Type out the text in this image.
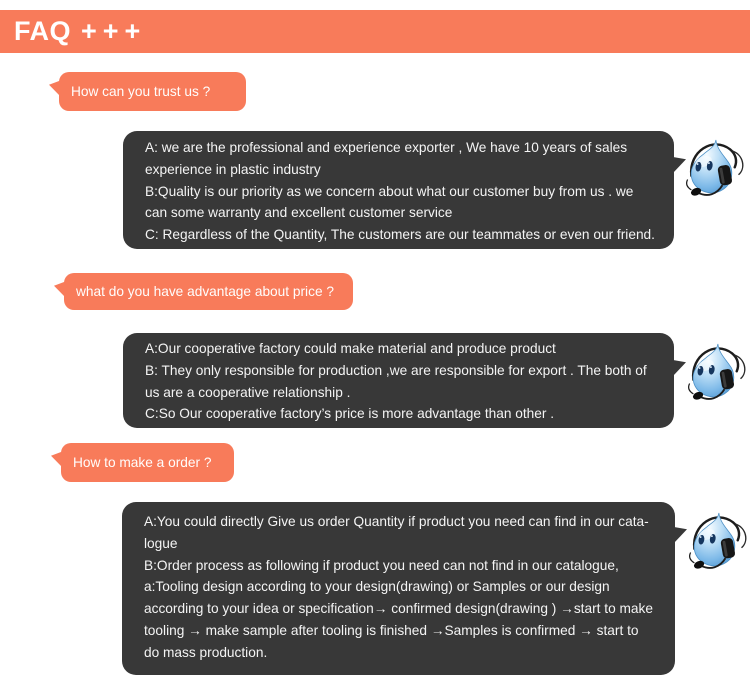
FAQ +++
How can you trust us ?
A: we are the professional and experience exporter , We have 10 years of sales
experience in plastic industry
B:Quality is our priority as we concern about what our customer buy from us . we
can some warranty and excellent customer service
C: Regardless of the Quantity, The customers are our teammates or even our friend.
what do you have advantage about price ?
A:Our cooperative factory could make material and produce product
B: They only responsible for production ,we are responsible for export . The both of
us are a cooperative relationship .
C:So Our cooperative factory’s price is more advantage than other .
How to make a order ?
A:You could directly Give us order Quantity if product you need can find in our cata-
logue
B:Order process as following if product you need can not find in our catalogue,
a:Tooling design according to your design(drawing) or Samples or our design
according to your idea or specification→ confirmed design(drawing ) →start to make
tooling → make sample after tooling is finished →Samples is confirmed → start to
do mass production.
